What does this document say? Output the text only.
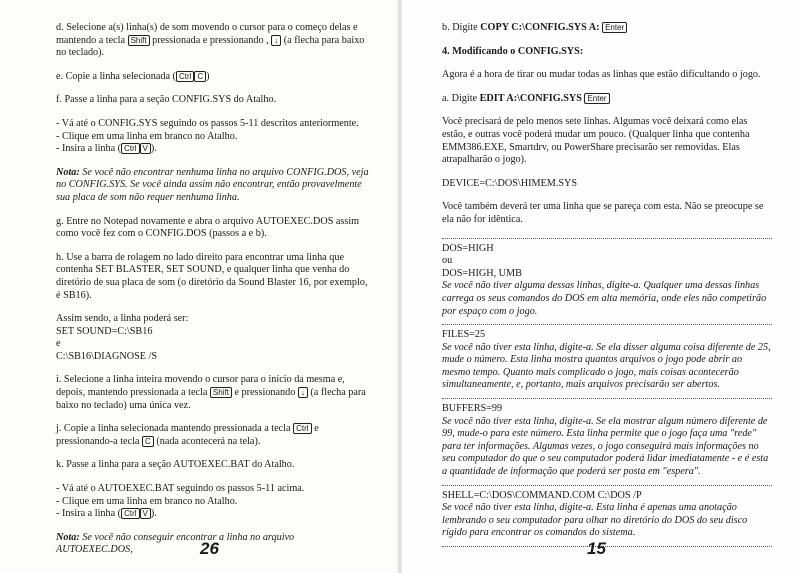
d. Selecione a(s) linha(s) de som movendo o cursor para o começo delas e mantendo a tecla Shift pressionada e pressionando , ↓ (a flecha para baixo no teclado).

e. Copie a linha selecionada ( Ctrl C )

f. Passe a linha para a seção CONFIG.SYS do Atalho.

- Vá até o CONFIG.SYS seguindo os passos 5-11 descritos anteriormente.
- Clique em uma linha em branco no Atalho.
- Insira a linha ( Ctrl V ).

Nota: Se você não encontrar nenhuma linha no arquivo CONFIG.DOS, veja no CONFIG.SYS. Se você ainda assim não encontrar, então provavelmente sua placa de som não requer nenhuma linha.

g. Entre no Notepad novamente e abra o arquivo AUTOEXEC.DOS assim como você fez com o CONFIG.DOS (passos a e b).

h. Use a barra de rolagem no lado direito para encontrar uma linha que contenha SET BLASTER, SET SOUND, e qualquer linha que venha do diretório de sua placa de som (o diretório da Sound Blaster 16, por exemplo, é SB16).

Assim sendo, a linha poderá ser:
SET SOUND=C:\SB16
e
C:\SB16\DIAGNOSE /S

i. Selecione a linha inteira movendo o cursor para o início da mesma e, depois, mantendo pressionada a tecla Shift e pressionando ↓ (a flecha para baixo no teclado) uma única vez.

j. Copie a linha selecionada mantendo pressionada a tecla Ctrl e pressionando-a tecla C (nada acontecerá na tela).

k. Passe a linha para a seção AUTOEXEC.BAT do Atalho.

- Vá até o AUTOEXEC.BAT seguindo os passos 5-11 acima.
- Clique em uma linha em branco no Atalho.
- Insira a linha ( Ctrl V ).

Nota: Se você não conseguir encontrar a linha no arquivo AUTOEXEC.DOS,	26

b. Digite COPY C:\CONFIG.SYS A: Enter

4. Modificando o CONFIG.SYS:

Agora é a hora de tirar ou mudar todas as linhas que estão dificultando o jogo.

a. Digite EDIT A:\CONFIG.SYS Enter

Você precisará de pelo menos sete linhas. Algumas você deixará como elas estão, e outras você poderá mudar um pouco. (Qualquer linha que contenha EMM386.EXE, Smartdrv, ou PowerShare precisarão ser removidas. Elas atrapalharão o jogo).

DEVICE=C:\DOS\HIMEM.SYS

Você também deverá ter uma linha que se pareça com esta. Não se preocupe se ela não for idêntica.

DOS=HIGH
ou
DOS=HIGH, UMB
Se você não tiver alguma dessas linhas, digite-a. Qualquer uma dessas linhas carrega os seus comandos do DOS em alta memória, onde eles não competirão por espaço com o jogo.
FILES=25
Se você não tiver esta linha, digite-a. Se ela disser alguma coisa diferente de 25, mude o número. Esta linha mostra quantos arquivos o jogo pode abrir ao mesmo tempo. Quanto mais complicado o jogo, mais coisas acontecerão simultaneamente, e, portanto, mais arquivos precisarão ser abertos.
BUFFERS=99
Se você não tiver esta linha, digite-a. Se ela mostrar algum número diferente de 99, mude-o para este número. Esta linha permite que o jogo faça uma "rede" para ter informações. Algumas vezes, o jogo conseguirá mais informações no seu computador do que o seu computador poderá lidar imediatamente - e é esta a quantidade de informação que poderá ser posta em "espera".
SHELL=C:\DOS\COMMAND.COM C:\DOS /P
Se você não tiver esta linha, digite-a. Esta linha é apenas uma anotação lembrando o seu computador para olhar no diretório do DOS do seu disco rígido para encontrar os comandos do sistema.
15
